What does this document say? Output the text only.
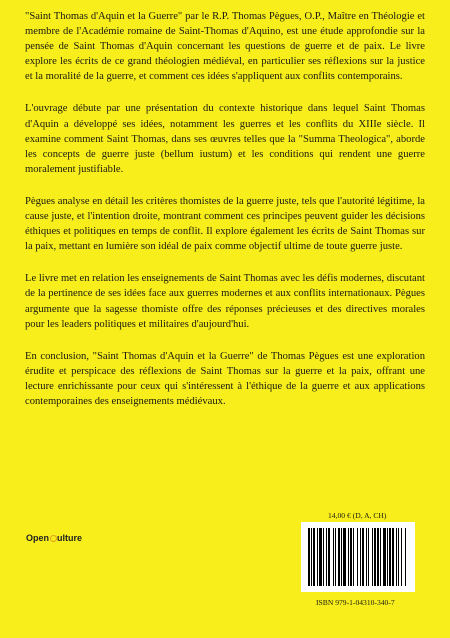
"Saint Thomas d'Aquin et la Guerre" par le R.P. Thomas Pègues, O.P., Maître en Théologie et membre de l'Académie romaine de Saint-Thomas d'Aquino, est une étude approfondie sur la pensée de Saint Thomas d'Aquin concernant les questions de guerre et de paix. Le livre explore les écrits de ce grand théologien médiéval, en particulier ses réflexions sur la justice et la moralité de la guerre, et comment ces idées s'appliquent aux conflits contemporains.

L'ouvrage débute par une présentation du contexte historique dans lequel Saint Thomas d'Aquin a développé ses idées, notamment les guerres et les conflits du XIIIe siècle. Il examine comment Saint Thomas, dans ses œuvres telles que la "Summa Theologica", aborde les concepts de guerre juste (bellum iustum) et les conditions qui rendent une guerre moralement justifiable.

Pègues analyse en détail les critères thomistes de la guerre juste, tels que l'autorité légitime, la cause juste, et l'intention droite, montrant comment ces principes peuvent guider les décisions éthiques et politiques en temps de conflit. Il explore également les écrits de Saint Thomas sur la paix, mettant en lumière son idéal de paix comme objectif ultime de toute guerre juste.

Le livre met en relation les enseignements de Saint Thomas avec les défis modernes, discutant de la pertinence de ses idées face aux guerres modernes et aux conflits internationaux. Pègues argumente que la sagesse thomiste offre des réponses précieuses et des directives morales pour les leaders politiques et militaires d'aujourd'hui.

En conclusion, "Saint Thomas d'Aquin et la Guerre" de Thomas Pègues est une exploration érudite et perspicace des réflexions de Saint Thomas sur la guerre et la paix, offrant une lecture enrichissante pour ceux qui s'intéressent à l'éthique de la guerre et aux applications contemporaines des enseignements médiévaux.

Open ulture
14,00 € (D, A, CH)
ISBN 979-1-04310-340-7
